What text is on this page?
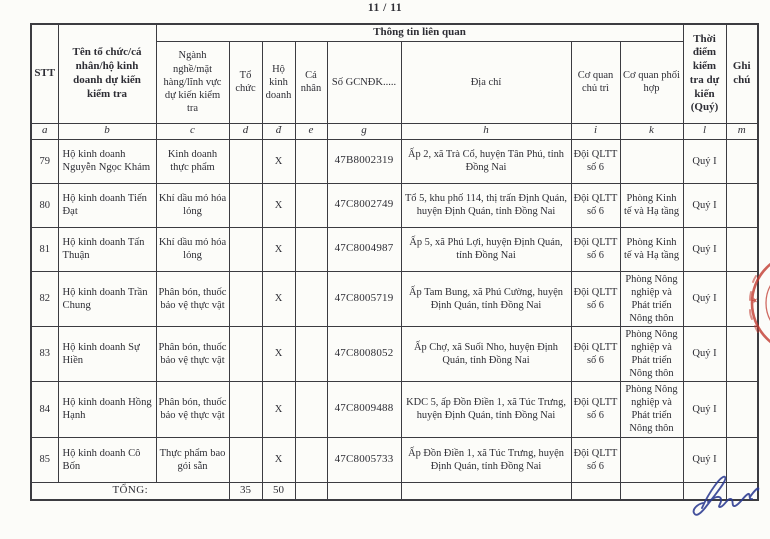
11 / 11
STT	Tên tổ chức/cá nhân/hộ kinh doanh dự kiến kiểm tra	Thông tin liên quan								Thời điểm kiểm tra dự kiến (Quý)	Ghi chú
		Ngành nghề/mặt hàng/lĩnh vực dự kiến kiểm tra	Tổ chức	Hộ kinh doanh	Cá nhân	Số GCNĐK.....	Địa chỉ	Cơ quan chủ trì	Cơ quan phối hợp		
a	b	c	d	đ	e	g	h	i	k	l	m
79	Hộ kinh doanh Nguyễn Ngọc Khảm	Kinh doanh thực phẩm		X		47B8002319	Ấp 2, xã Trà Cổ, huyện Tân Phú, tỉnh Đồng Nai	Đội QLTT số 6		Quý I	
80	Hộ kinh doanh Tiến Đạt	Khí dầu mỏ hóa lỏng		X		47C8002749	Tổ 5, khu phố 114, thị trấn Định Quán, huyện Định Quán, tỉnh Đồng Nai	Đội QLTT số 6	Phòng Kinh tế và Hạ tầng	Quý I	
81	Hộ kinh doanh Tấn Thuận	Khí dầu mỏ hóa lỏng		X		47C8004987	Ấp 5, xã Phú Lợi, huyện Định Quán, tỉnh Đồng Nai	Đội QLTT số 6	Phòng Kinh tế và Hạ tầng	Quý I	
82	Hộ kinh doanh Trần Chung	Phân bón, thuốc bảo vệ thực vật		X		47C8005719	Ấp Tam Bung, xã Phú Cường, huyện Định Quán, tỉnh Đồng Nai	Đội QLTT số 6	Phòng Nông nghiệp và Phát triển Nông thôn	Quý I	
83	Hộ kinh doanh Sự Hiền	Phân bón, thuốc bảo vệ thực vật		X		47C8008052	Ấp Chợ, xã Suối Nho, huyện Định Quán, tỉnh Đồng Nai	Đội QLTT số 6	Phòng Nông nghiệp và Phát triển Nông thôn	Quý I	
84	Hộ kinh doanh Hồng Hạnh	Phân bón, thuốc bảo vệ thực vật		X		47C8009488	KDC 5, ấp Đồn Điền 1, xã Túc Trưng, huyện Định Quán, tỉnh Đồng Nai	Đội QLTT số 6	Phòng Nông nghiệp và Phát triển Nông thôn	Quý I	
85	Hộ kinh doanh Cô Bốn	Thực phẩm bao gói sẵn		X		47C8005733	Ấp Đồn Điền 1, xã Túc Trưng, huyện Định Quán, tỉnh Đồng Nai	Đội QLTT số 6		Quý I	
TỔNG:			35	50							
★
